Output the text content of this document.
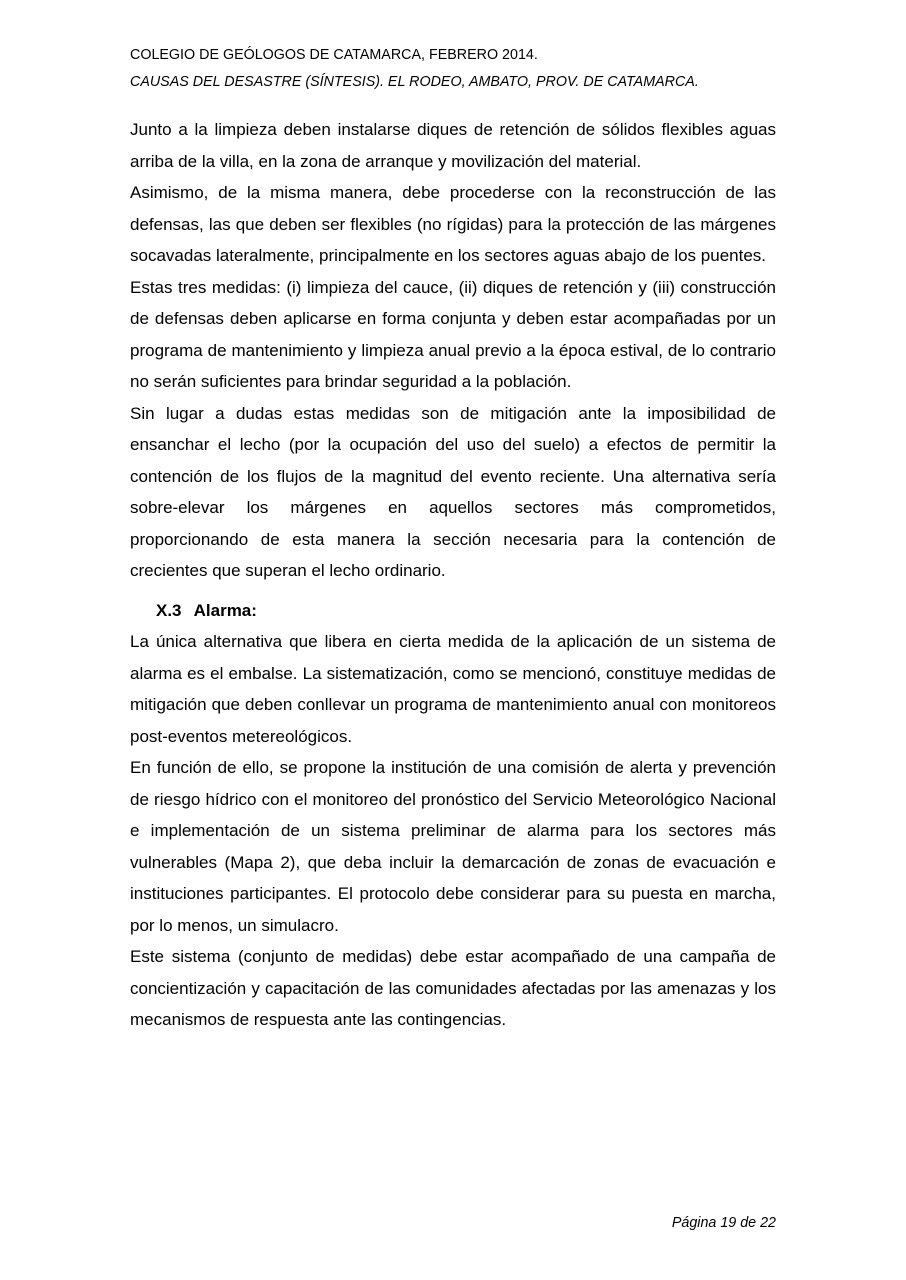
COLEGIO DE GEÓLOGOS DE CATAMARCA, FEBRERO 2014.
CAUSAS DEL DESASTRE (SÍNTESIS). EL RODEO, AMBATO, PROV. DE CATAMARCA.

Junto a la limpieza deben instalarse diques de retención de sólidos flexibles aguas arriba de la villa, en la zona de arranque y movilización del material.

Asimismo, de la misma manera, debe procederse con la reconstrucción de las defensas, las que deben ser flexibles (no rígidas) para la protección de las márgenes socavadas lateralmente, principalmente en los sectores aguas abajo de los puentes.

Estas tres medidas: (i) limpieza del cauce, (ii) diques de retención y (iii) construcción de defensas deben aplicarse en forma conjunta y deben estar acompañadas por un programa de mantenimiento y limpieza anual previo a la época estival, de lo contrario no serán suficientes para brindar seguridad a la población.

Sin lugar a dudas estas medidas son de mitigación ante la imposibilidad de ensanchar el lecho (por la ocupación del uso del suelo) a efectos de permitir la contención de los flujos de la magnitud del evento reciente. Una alternativa sería sobre-elevar los márgenes en aquellos sectores más comprometidos, proporcionando de esta manera la sección necesaria para la contención de crecientes que superan el lecho ordinario.

X.3 Alarma:

La única alternativa que libera en cierta medida de la aplicación de un sistema de alarma es el embalse. La sistematización, como se mencionó, constituye medidas de mitigación que deben conllevar un programa de mantenimiento anual con monitoreos post-eventos metereológicos.

En función de ello, se propone la institución de una comisión de alerta y prevención de riesgo hídrico con el monitoreo del pronóstico del Servicio Meteorológico Nacional e implementación de un sistema preliminar de alarma para los sectores más vulnerables (Mapa 2), que deba incluir la demarcación de zonas de evacuación e instituciones participantes. El protocolo debe considerar para su puesta en marcha, por lo menos, un simulacro.

Este sistema (conjunto de medidas) debe estar acompañado de una campaña de concientización y capacitación de las comunidades afectadas por las amenazas y los mecanismos de respuesta ante las contingencias.

Página 19 de 22
